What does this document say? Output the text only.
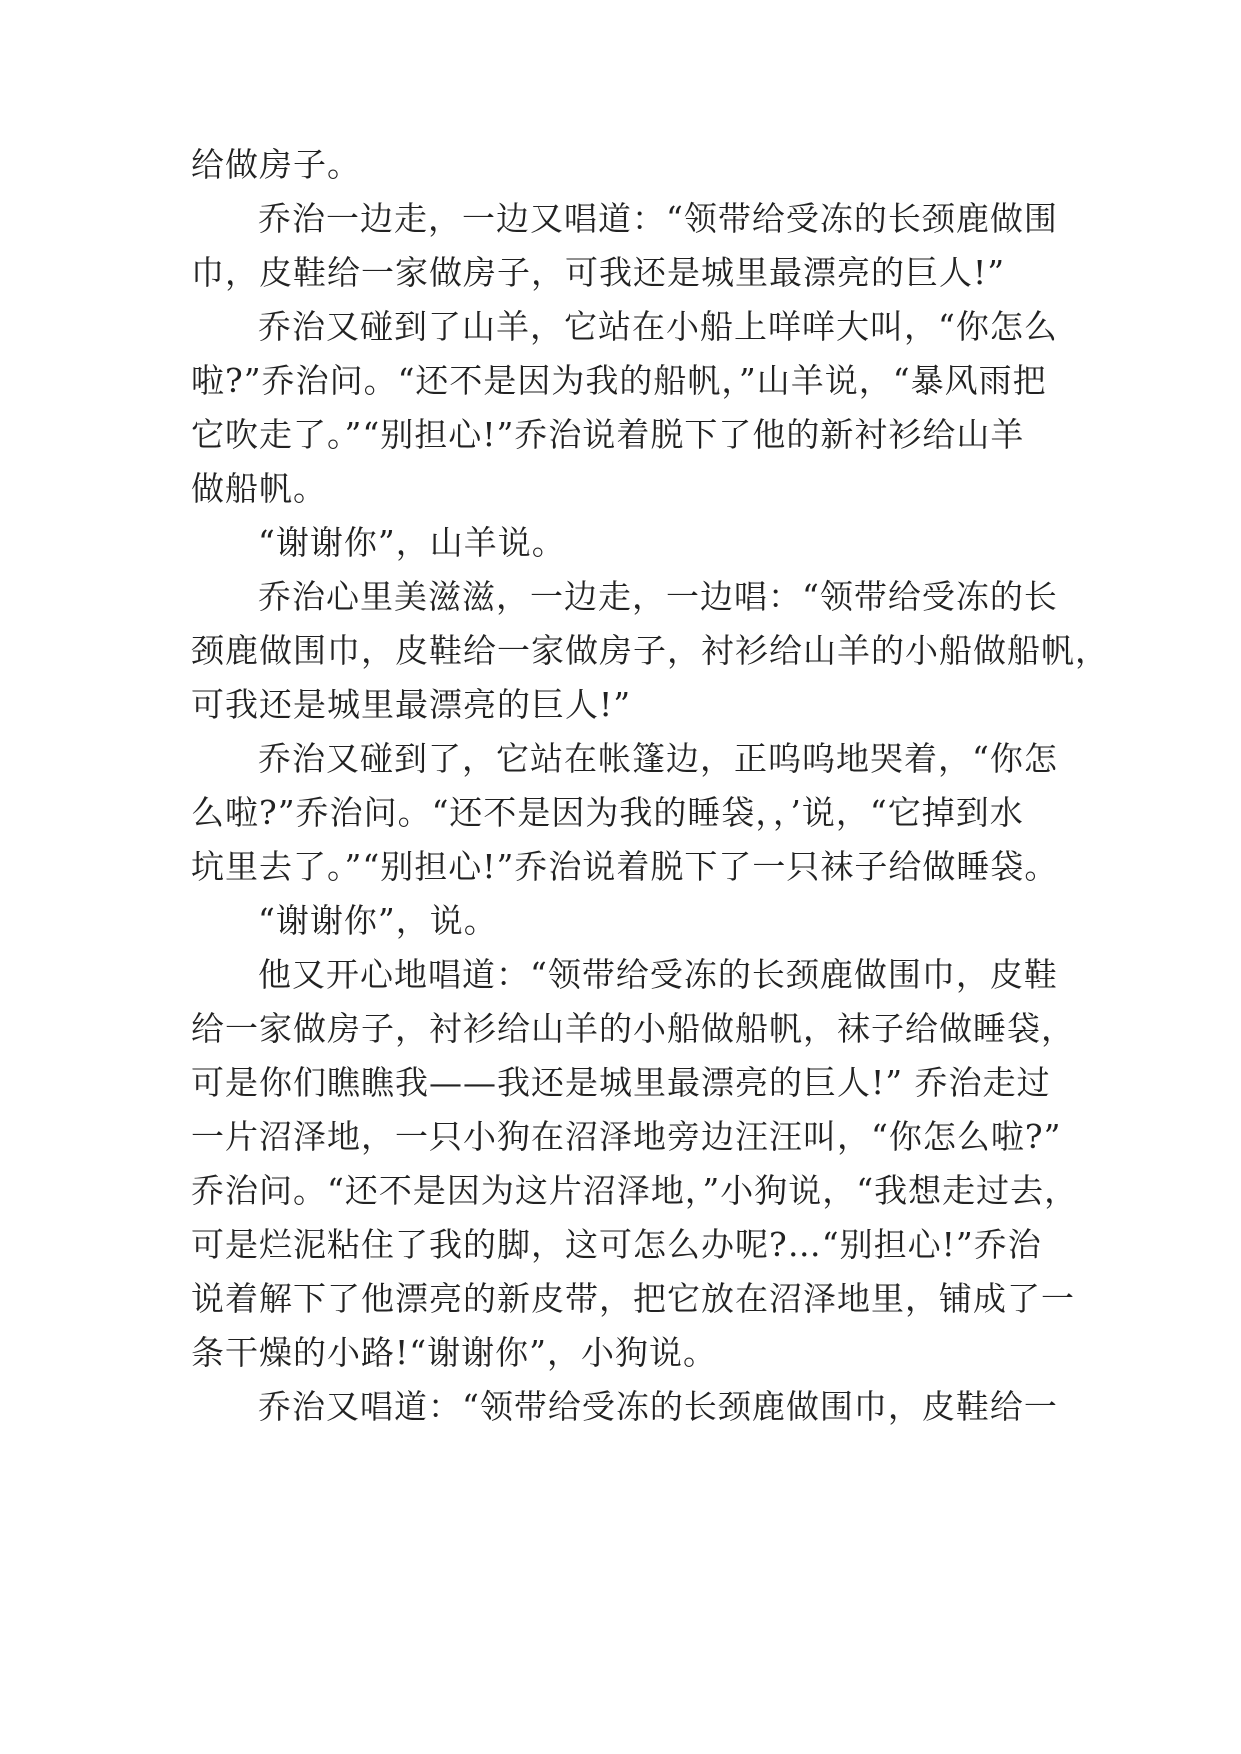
给做房子。
乔治一边走，一边又唱道：“领带给受冻的长颈鹿做围
巾，皮鞋给一家做房子，可我还是城里最漂亮的巨人!”
乔治又碰到了山羊，它站在小船上咩咩大叫，“你怎么
啦?”乔治问。“还不是因为我的船帆，”山羊说，“暴风雨把
它吹走了。”“别担心!”乔治说着脱下了他的新衬衫给山羊
做船帆。
“谢谢你”，山羊说。
乔治心里美滋滋，一边走，一边唱：“领带给受冻的长
颈鹿做围巾，皮鞋给一家做房子，衬衫给山羊的小船做船帆，
可我还是城里最漂亮的巨人!”
乔治又碰到了，它站在帐篷边，正呜呜地哭着，“你怎
么啦?”乔治问。“还不是因为我的睡袋，，’说，“它掉到水
坑里去了。”“别担心!”乔治说着脱下了一只袜子给做睡袋。
“谢谢你”，说。
他又开心地唱道：“领带给受冻的长颈鹿做围巾，皮鞋
给一家做房子，衬衫给山羊的小船做船帆，袜子给做睡袋，
可是你们瞧瞧我——我还是城里最漂亮的巨人!” 乔治走过
一片沼泽地，一只小狗在沼泽地旁边汪汪叫，“你怎么啦?”
乔治问。“还不是因为这片沼泽地，”小狗说，“我想走过去，
可是烂泥粘住了我的脚，这可怎么办呢?…“别担心!”乔治
说着解下了他漂亮的新皮带，把它放在沼泽地里，铺成了一
条干燥的小路!“谢谢你”，小狗说。
乔治又唱道：“领带给受冻的长颈鹿做围巾，皮鞋给一
